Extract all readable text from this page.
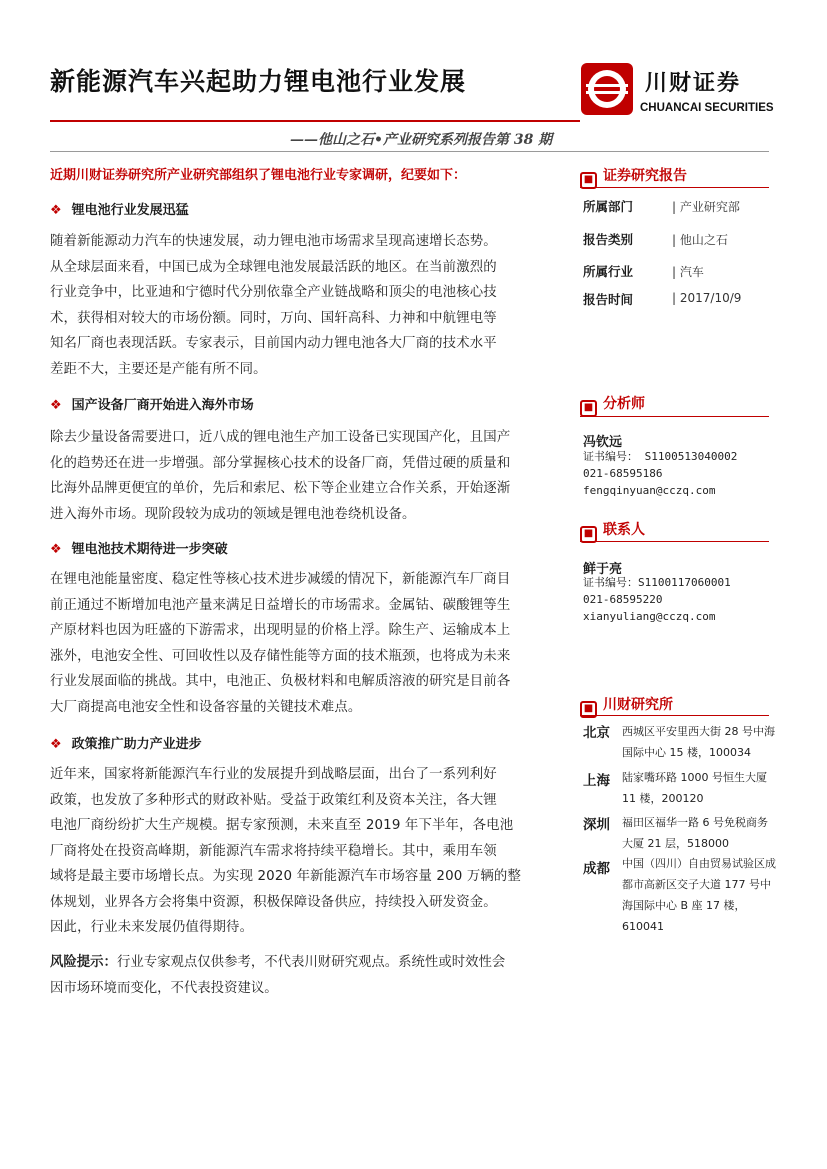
新能源汽车兴起助力锂电池行业发展	川财证券
CHUANCAI SECURITIES
——他山之石•产业研究系列报告第 38 期
近期川财证券研究所产业研究部组织了锂电池行业专家调研，纪要如下：
❖ 锂电池行业发展迅猛

随着新能源动力汽车的快速发展，动力锂电池市场需求呈现高速增长态势。

从全球层面来看，中国已成为全球锂电池发展最活跃的地区。在当前激烈的

行业竞争中，比亚迪和宁德时代分别依靠全产业链战略和顶尖的电池核心技

术，获得相对较大的市场份额。同时，万向、国轩高科、力神和中航锂电等

知名厂商也表现活跃。专家表示，目前国内动力锂电池各大厂商的技术水平

差距不大，主要还是产能有所不同。

❖ 国产设备厂商开始进入海外市场

除去少量设备需要进口，近八成的锂电池生产加工设备已实现国产化，且国产

化的趋势还在进一步增强。部分掌握核心技术的设备厂商，凭借过硬的质量和

比海外品牌更便宜的单价，先后和索尼、松下等企业建立合作关系，开始逐渐

进入海外市场。现阶段较为成功的领域是锂电池卷绕机设备。

❖ 锂电池技术期待进一步突破

在锂电池能量密度、稳定性等核心技术进步减缓的情况下，新能源汽车厂商目

前正通过不断增加电池产量来满足日益增长的市场需求。金属钴、碳酸锂等生

产原材料也因为旺盛的下游需求，出现明显的价格上浮。除生产、运输成本上

涨外，电池安全性、可回收性以及存储性能等方面的技术瓶颈，也将成为未来

行业发展面临的挑战。其中，电池正、负极材料和电解质溶液的研究是目前各

大厂商提高电池安全性和设备容量的关键技术难点。

❖ 政策推广助力产业进步

近年来，国家将新能源汽车行业的发展提升到战略层面，出台了一系列利好

政策，也发放了多种形式的财政补贴。受益于政策红利及资本关注，各大锂

电池厂商纷纷扩大生产规模。据专家预测，未来直至 2019 年下半年，各电池

厂商将处在投资高峰期，新能源汽车需求将持续平稳增长。其中，乘用车领

域将是最主要市场增长点。为实现 2020 年新能源汽车市场容量 200 万辆的整

体规划，业界各方会将集中资源，积极保障设备供应，持续投入研发资金。

因此，行业未来发展仍值得期待。

风险提示：行业专家观点仅供参考，不代表川财研究观点。系统性或时效性会
因市场环境而变化，不代表投资建议。
■ 证券研究报告
所属部门	| 产业研究部
报告类别	| 他山之石
所属行业	| 汽车
报告时间	| 2017/10/9
■ 分析师
冯钦远
证书编号： S1100513040002
021-68595186
fengqinyuan@cczq.com
■ 联系人
鲜于亮
证书编号：S1100117060001
021-68595220
xianyuliang@cczq.com
■ 川财研究所
北京 西城区平安里西大街 28 号中海国际中心 15 楼，100034
上海 陆家嘴环路 1000 号恒生大厦 11 楼，200120
深圳 福田区福华一路 6 号免税商务大厦 21 层，518000
成都 中国（四川）自由贸易试验区成都市高新区交子大道 177 号中海国际中心 B 座 17 楼，610041
